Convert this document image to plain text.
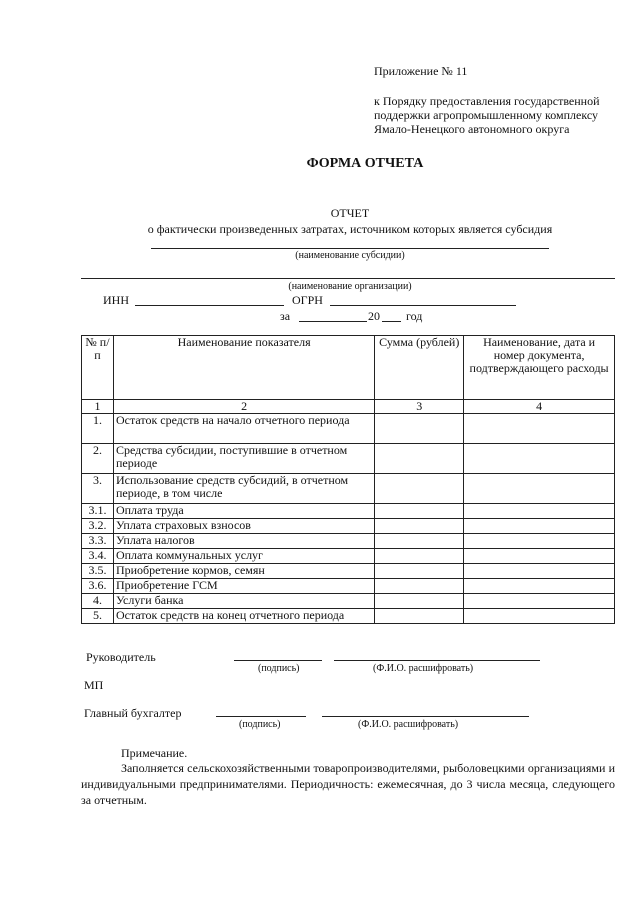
Приложение № 11
к Порядку предоставления государственной
поддержки агропромышленному комплексу
Ямало-Ненецкого автономного округа
ФОРМА ОТЧЕТА
ОТЧЕТ
о фактически произведенных затратах, источником которых является субсидия
(наименование субсидии)
(наименование организации)
ИНН	ОГРН
за	20 год
№ п/п	Наименование показателя	Сумма (рублей)	Наименование, дата и номер документа, подтверждающего расходы
1	2	3	4
1.	Остаток средств на начало отчетного периода		
2.	Средства субсидии, поступившие в отчетном периоде		
3.	Использование средств субсидий, в отчетном периоде, в том числе		
3.1.	Оплата труда		
3.2.	Уплата страховых взносов		
3.3.	Уплата налогов		
3.4.	Оплата коммунальных услуг		
3.5.	Приобретение кормов, семян		
3.6.	Приобретение ГСМ		
4.	Услуги банка		
5.	Остаток средств на конец отчетного периода		
Руководитель
(подпись)	(Ф.И.О. расшифровать)
МП
Главный бухгалтер
(подпись)	(Ф.И.О. расшифровать)
Примечание.
Заполняется сельскохозяйственными товаропроизводителями, рыболовецкими организациями и индивидуальными предпринимателями. Периодичность: ежемесячная, до 3 числа месяца, следующего за отчетным.
